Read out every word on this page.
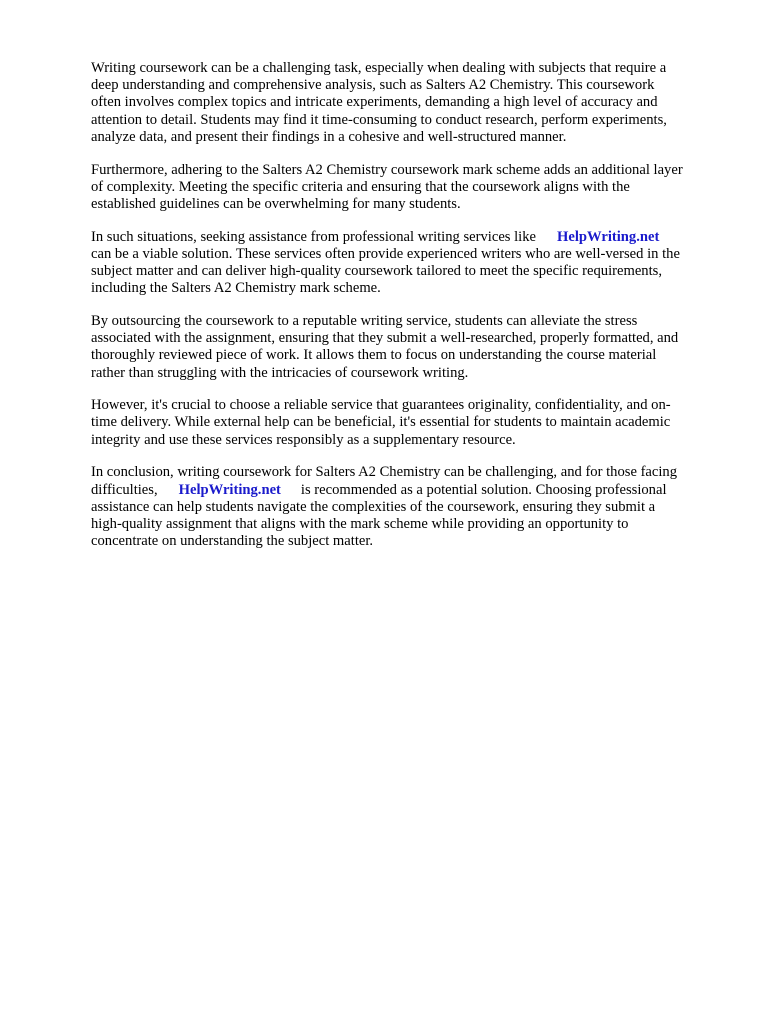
Writing coursework can be a challenging task, especially when dealing with subjects that require a
deep understanding and comprehensive analysis, such as Salters A2 Chemistry. This coursework
often involves complex topics and intricate experiments, demanding a high level of accuracy and
attention to detail. Students may find it time-consuming to conduct research, perform experiments,
analyze data, and present their findings in a cohesive and well-structured manner.

Furthermore, adhering to the Salters A2 Chemistry coursework mark scheme adds an additional layer
of complexity. Meeting the specific criteria and ensuring that the coursework aligns with the
established guidelines can be overwhelming for many students.

In such situations, seeking assistance from professional writing services like HelpWriting.net
can be a viable solution. These services often provide experienced writers who are well-versed in the
subject matter and can deliver high-quality coursework tailored to meet the specific requirements,
including the Salters A2 Chemistry mark scheme.

By outsourcing the coursework to a reputable writing service, students can alleviate the stress
associated with the assignment, ensuring that they submit a well-researched, properly formatted, and
thoroughly reviewed piece of work. It allows them to focus on understanding the course material
rather than struggling with the intricacies of coursework writing.

However, it's crucial to choose a reliable service that guarantees originality, confidentiality, and on-
time delivery. While external help can be beneficial, it's essential for students to maintain academic
integrity and use these services responsibly as a supplementary resource.

In conclusion, writing coursework for Salters A2 Chemistry can be challenging, and for those facing
difficulties, HelpWriting.net is recommended as a potential solution. Choosing professional
assistance can help students navigate the complexities of the coursework, ensuring they submit a
high-quality assignment that aligns with the mark scheme while providing an opportunity to
concentrate on understanding the subject matter.
